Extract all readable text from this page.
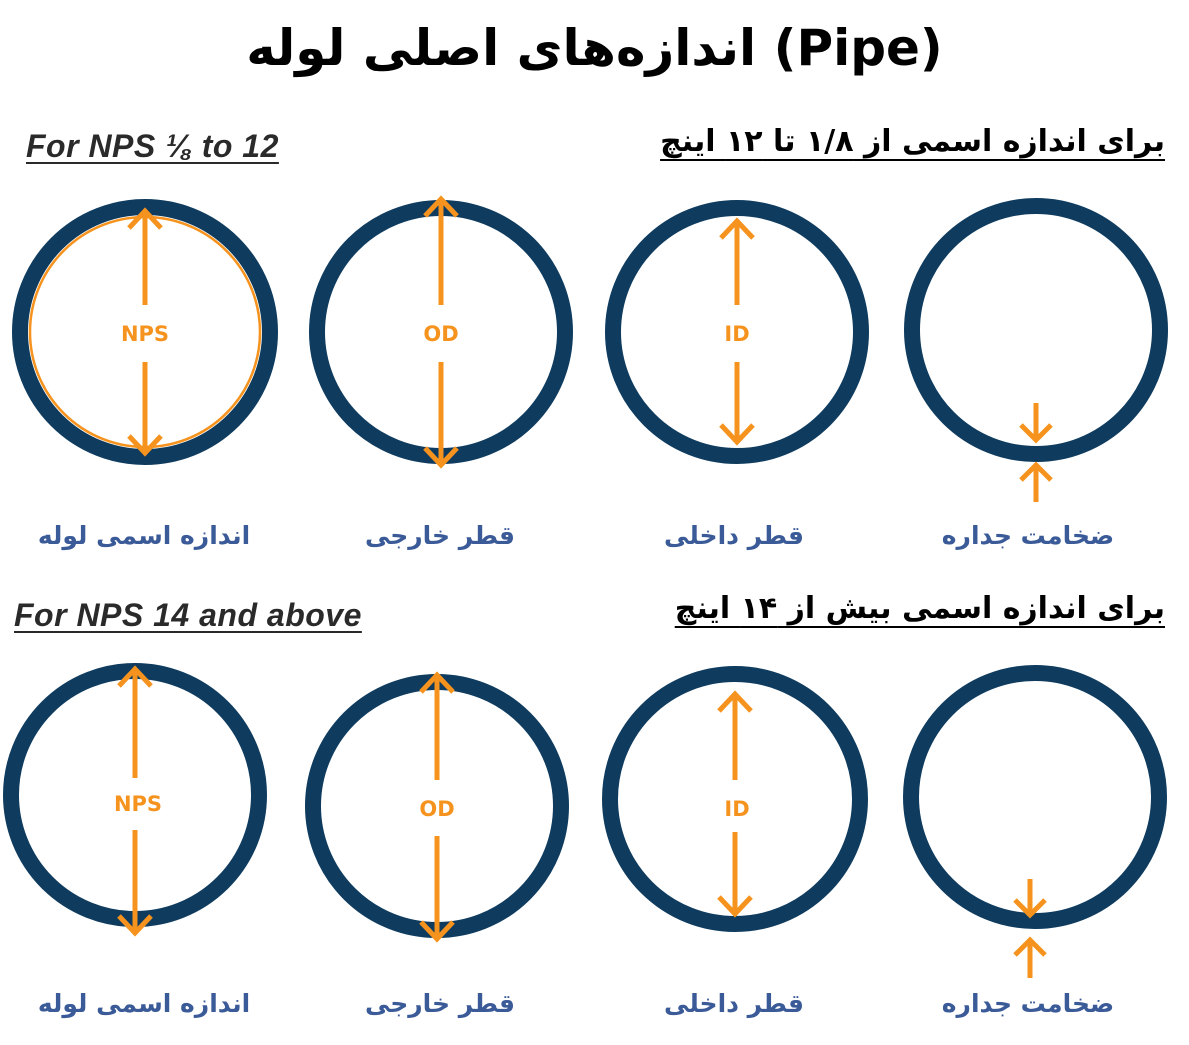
اندازه‌های اصلی لوله (Pipe)
For NPS ⅛ to 12	برای اندازه اسمی از ۱/۸ تا ۱۲ اینچ
For NPS 14 and above	برای اندازه اسمی بیش از ۱۴ اینچ
NPS	OD	ID
NPS	OD	ID
اندازه اسمی لوله	قطر خارجی	قطر داخلی	ضخامت جداره
اندازه اسمی لوله	قطر خارجی	قطر داخلی	ضخامت جداره
